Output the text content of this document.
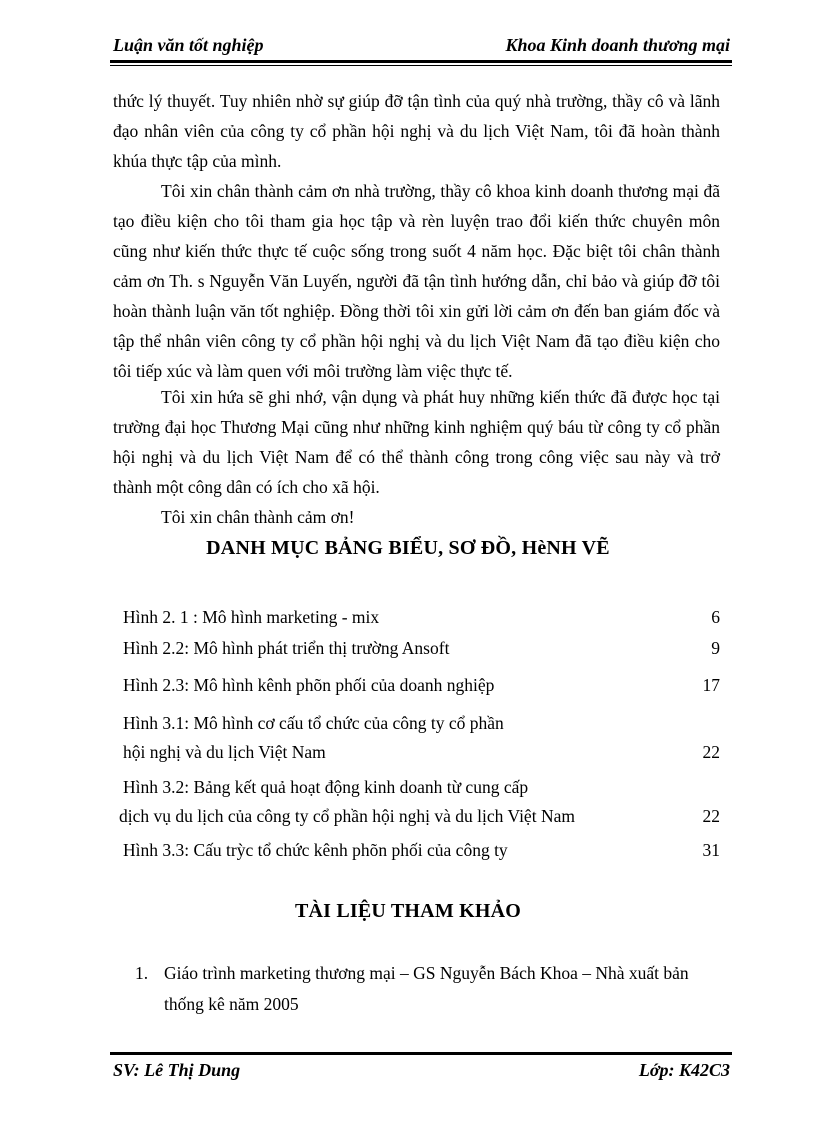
Luận văn tốt nghiệp	Khoa Kinh doanh thương mại

thức lý thuyết. Tuy nhiên nhờ sự giúp đỡ tận tình của quý nhà trường, thầy cô và lãnh đạo nhân viên của công ty cổ phần hội nghị và du lịch Việt Nam, tôi đã hoàn thành khúa thực tập của mình.

Tôi xin chân thành cảm ơn nhà trường, thầy cô khoa kinh doanh thương mại đã tạo điều kiện cho tôi tham gia học tập và rèn luyện trao đổi kiến thức chuyên môn cũng như kiến thức thực tế cuộc sống trong suốt 4 năm học. Đặc biệt tôi chân thành cảm ơn Th. s Nguyễn Văn Luyến, người đã tận tình hướng dẫn, chỉ bảo và giúp đỡ tôi hoàn thành luận văn tốt nghiệp. Đồng thời tôi xin gửi lời cảm ơn đến ban giám đốc và tập thể nhân viên công ty cổ phần hội nghị và du lịch Việt Nam đã tạo điều kiện cho tôi tiếp xúc và làm quen với môi trường làm việc thực tế.

Tôi xin hứa sẽ ghi nhớ, vận dụng và phát huy những kiến thức đã được học tại trường đại học Thương Mại cũng như những kinh nghiệm quý báu từ công ty cổ phần hội nghị và du lịch Việt Nam để có thể thành công trong công việc sau này và trở thành một công dân có ích cho xã hội.

Tôi xin chân thành cảm ơn!

DANH MỤC BẢNG BIỂU, SƠ ĐỒ, HèNH VẼ
Hình 2. 1 : Mô hình marketing - mix	6
Hình 2.2: Mô hình phát triển thị trường Ansoft	9
Hình 2.3: Mô hình kênh phõn phối của doanh nghiệp	17
Hình 3.1: Mô hình cơ cấu tổ chức của công ty cổ phần
hội nghị và du lịch Việt Nam	22
Hình 3.2: Bảng kết quả hoạt động kinh doanh từ cung cấp
dịch vụ du lịch của công ty cổ phần hội nghị và du lịch Việt Nam	22
Hình 3.3: Cấu trỳc tổ chức kênh phõn phối của công ty	31
TÀI LIỆU THAM KHẢO
1. Giáo trình marketing thương mại – GS Nguyễn Bách Khoa – Nhà xuất bản thống kê năm 2005
SV: Lê Thị Dung	Lớp: K42C3
